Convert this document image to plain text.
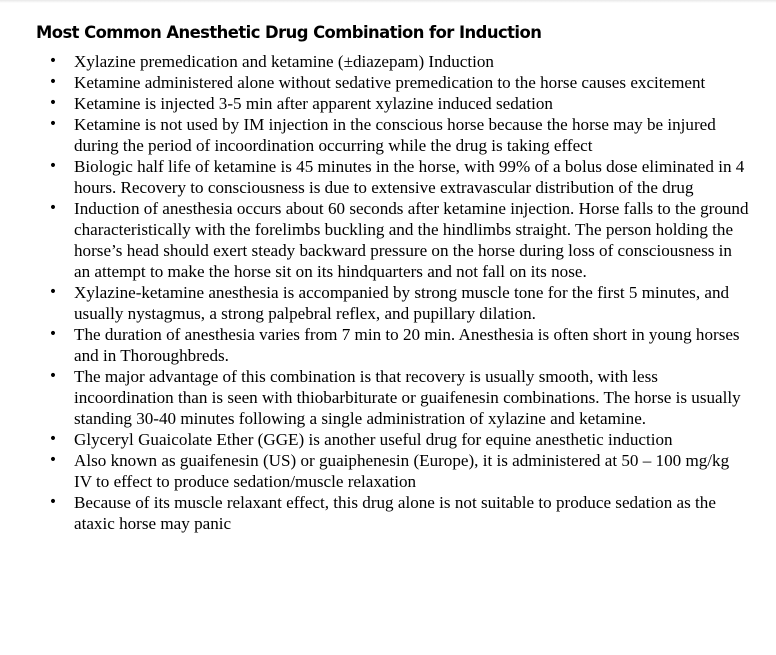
Most Common Anesthetic Drug Combination for Induction
• Xylazine premedication and ketamine (±diazepam) Induction
• Ketamine administered alone without sedative premedication to the horse causes excitement
• Ketamine is injected 3-5 min after apparent xylazine induced sedation
• Ketamine is not used by IM injection in the conscious horse because the horse may be injured during the period of incoordination occurring while the drug is taking effect
• Biologic half life of ketamine is 45 minutes in the horse, with 99% of a bolus dose eliminated in 4 hours. Recovery to consciousness is due to extensive extravascular distribution of the drug
• Induction of anesthesia occurs about 60 seconds after ketamine injection. Horse falls to the ground characteristically with the forelimbs buckling and the hindlimbs straight. The person holding the horse’s head should exert steady backward pressure on the horse during loss of consciousness in an attempt to make the horse sit on its hindquarters and not fall on its nose.
• Xylazine-ketamine anesthesia is accompanied by strong muscle tone for the first 5 minutes, and usually nystagmus, a strong palpebral reflex, and pupillary dilation.
• The duration of anesthesia varies from 7 min to 20 min. Anesthesia is often short in young horses and in Thoroughbreds.
• The major advantage of this combination is that recovery is usually smooth, with less incoordination than is seen with thiobarbiturate or guaifenesin combinations. The horse is usually standing 30-40 minutes following a single administration of xylazine and ketamine.
• Glyceryl Guaicolate Ether (GGE) is another useful drug for equine anesthetic induction
• Also known as guaifenesin (US) or guaiphenesin (Europe), it is administered at 50 – 100 mg/kg IV to effect to produce sedation/muscle relaxation
• Because of its muscle relaxant effect, this drug alone is not suitable to produce sedation as the ataxic horse may panic
